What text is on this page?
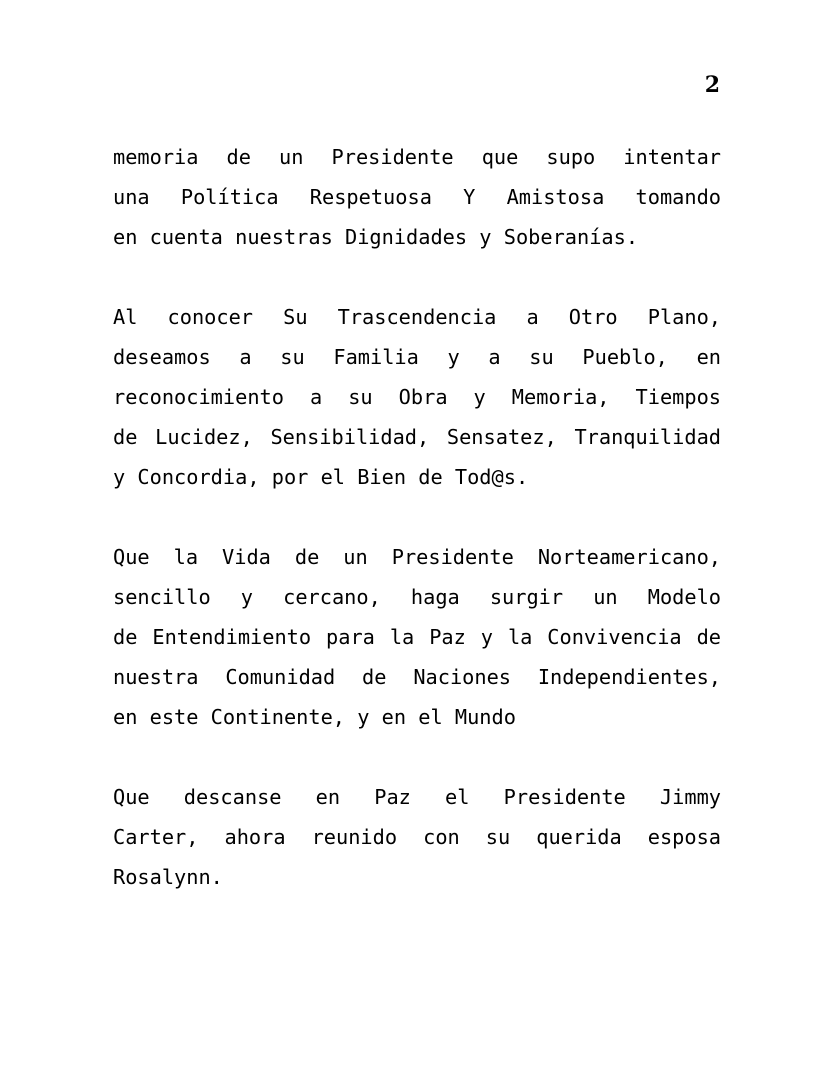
2

memoria de un Presidente que supo intentar
una Política Respetuosa Y Amistosa tomando
en cuenta nuestras Dignidades y Soberanías.

Al conocer Su Trascendencia a Otro Plano,
deseamos a su Familia y a su Pueblo, en
reconocimiento a su Obra y Memoria, Tiempos
de Lucidez, Sensibilidad, Sensatez, Tranquilidad
y Concordia, por el Bien de Tod@s.

Que la Vida de un Presidente Norteamericano,
sencillo y cercano, haga surgir un Modelo
de Entendimiento para la Paz y la Convivencia de
nuestra Comunidad de Naciones Independientes,
en este Continente, y en el Mundo

Que descanse en Paz el Presidente Jimmy
Carter, ahora reunido con su querida esposa
Rosalynn.
